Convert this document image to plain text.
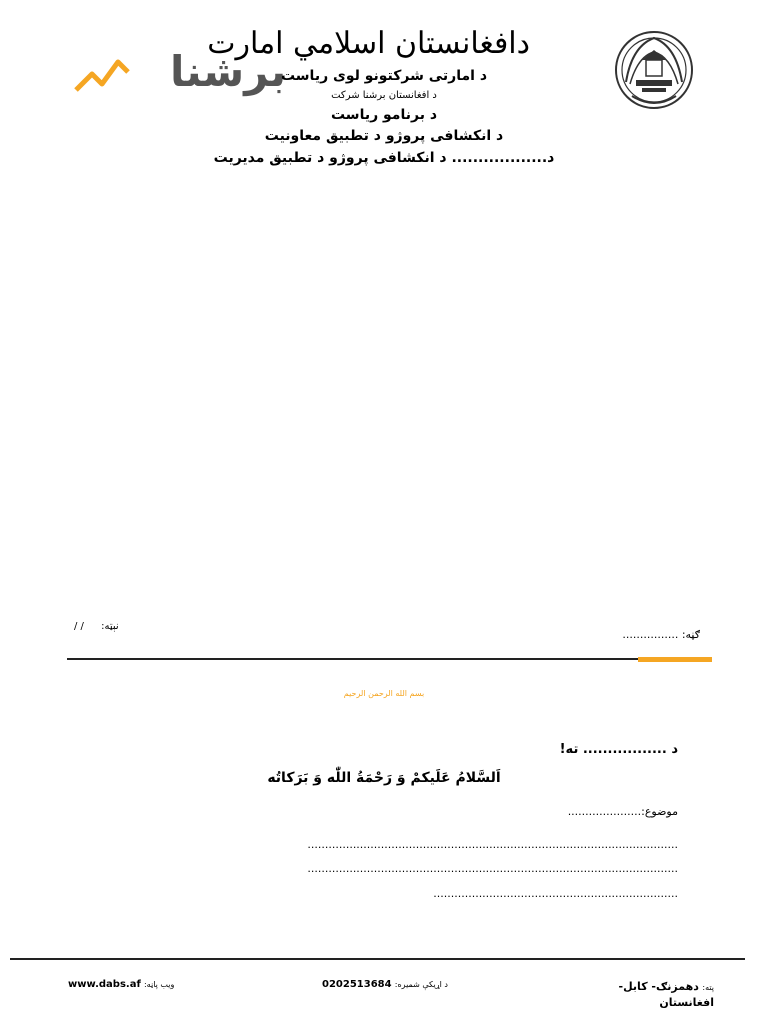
برشنا
دافغانستان اسلامي امارت
د امارتی شرکتونو لوی ریاست
د افغانستان برشنا شرکت
د برنامو ریاست
د انکشافی پروژو د تطبیق معاونیت
د.................. د انکشافی پروژو د تطبیق مدیریت
نېټه: / /
ګڼه: ................
بسم الله الرحمن الرحيم
د ................. ته!
اَلسَّلامُ عَلَيكمْ وَ رَحْمَةُ اللّٰه وَ بَرَكاتُه
موضوع:.....................
..........................................................................................................
..........................................................................................................
......................................................................
ویب پاڼه: www.dabs.af	د اړیکې شمیره: 0202513684	پته: دهمزنګ- کابل- افغانستان
